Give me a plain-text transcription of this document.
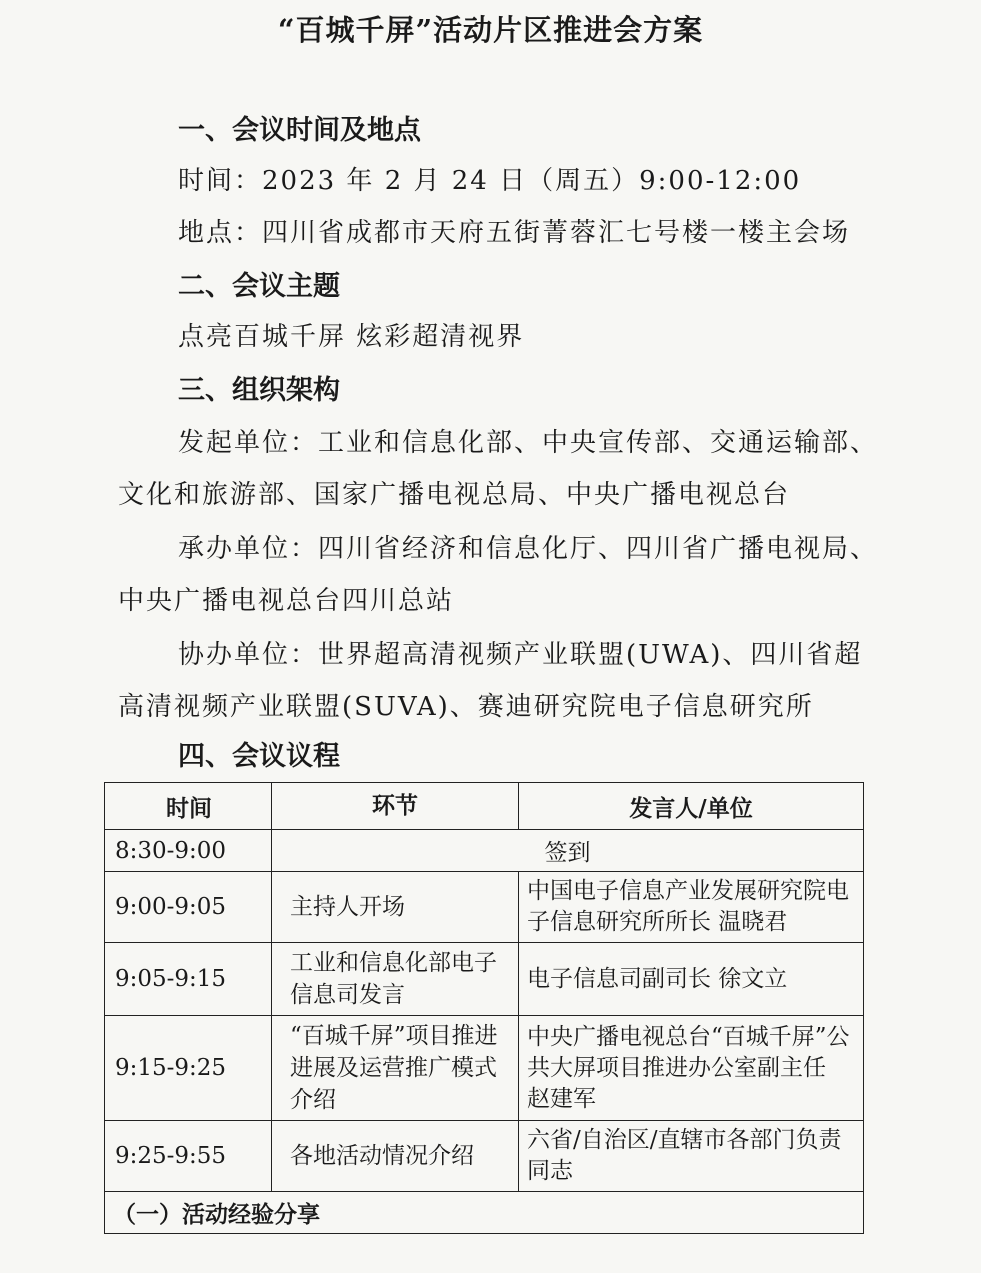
“百城千屏”活动片区推进会方案
一、会议时间及地点
时间：2023 年 2 月 24 日（周五）9:00-12:00
地点：四川省成都市天府五街菁蓉汇七号楼一楼主会场
二、会议主题
点亮百城千屏 炫彩超清视界
三、组织架构
发起单位：工业和信息化部、中央宣传部、交通运输部、
文化和旅游部、国家广播电视总局、中央广播电视总台
承办单位：四川省经济和信息化厅、四川省广播电视局、
中央广播电视总台四川总站
协办单位：世界超高清视频产业联盟(UWA)、四川省超
高清视频产业联盟(SUVA)、赛迪研究院电子信息研究所
四、会议议程
时间	环节	发言人/单位
8:30-9:00	签到	
9:00-9:05	主持人开场	中国电子信息产业发展研究院电子信息研究所所长 温晓君
9:05-9:15	工业和信息化部电子信息司发言	电子信息司副司长 徐文立
9:15-9:25	“百城千屏”项目推进进展及运营推广模式介绍	中央广播电视总台“百城千屏”公共大屏项目推进办公室副主任 赵建军
9:25-9:55	各地活动情况介绍	六省/自治区/直辖市各部门负责同志
（一）活动经验分享		
